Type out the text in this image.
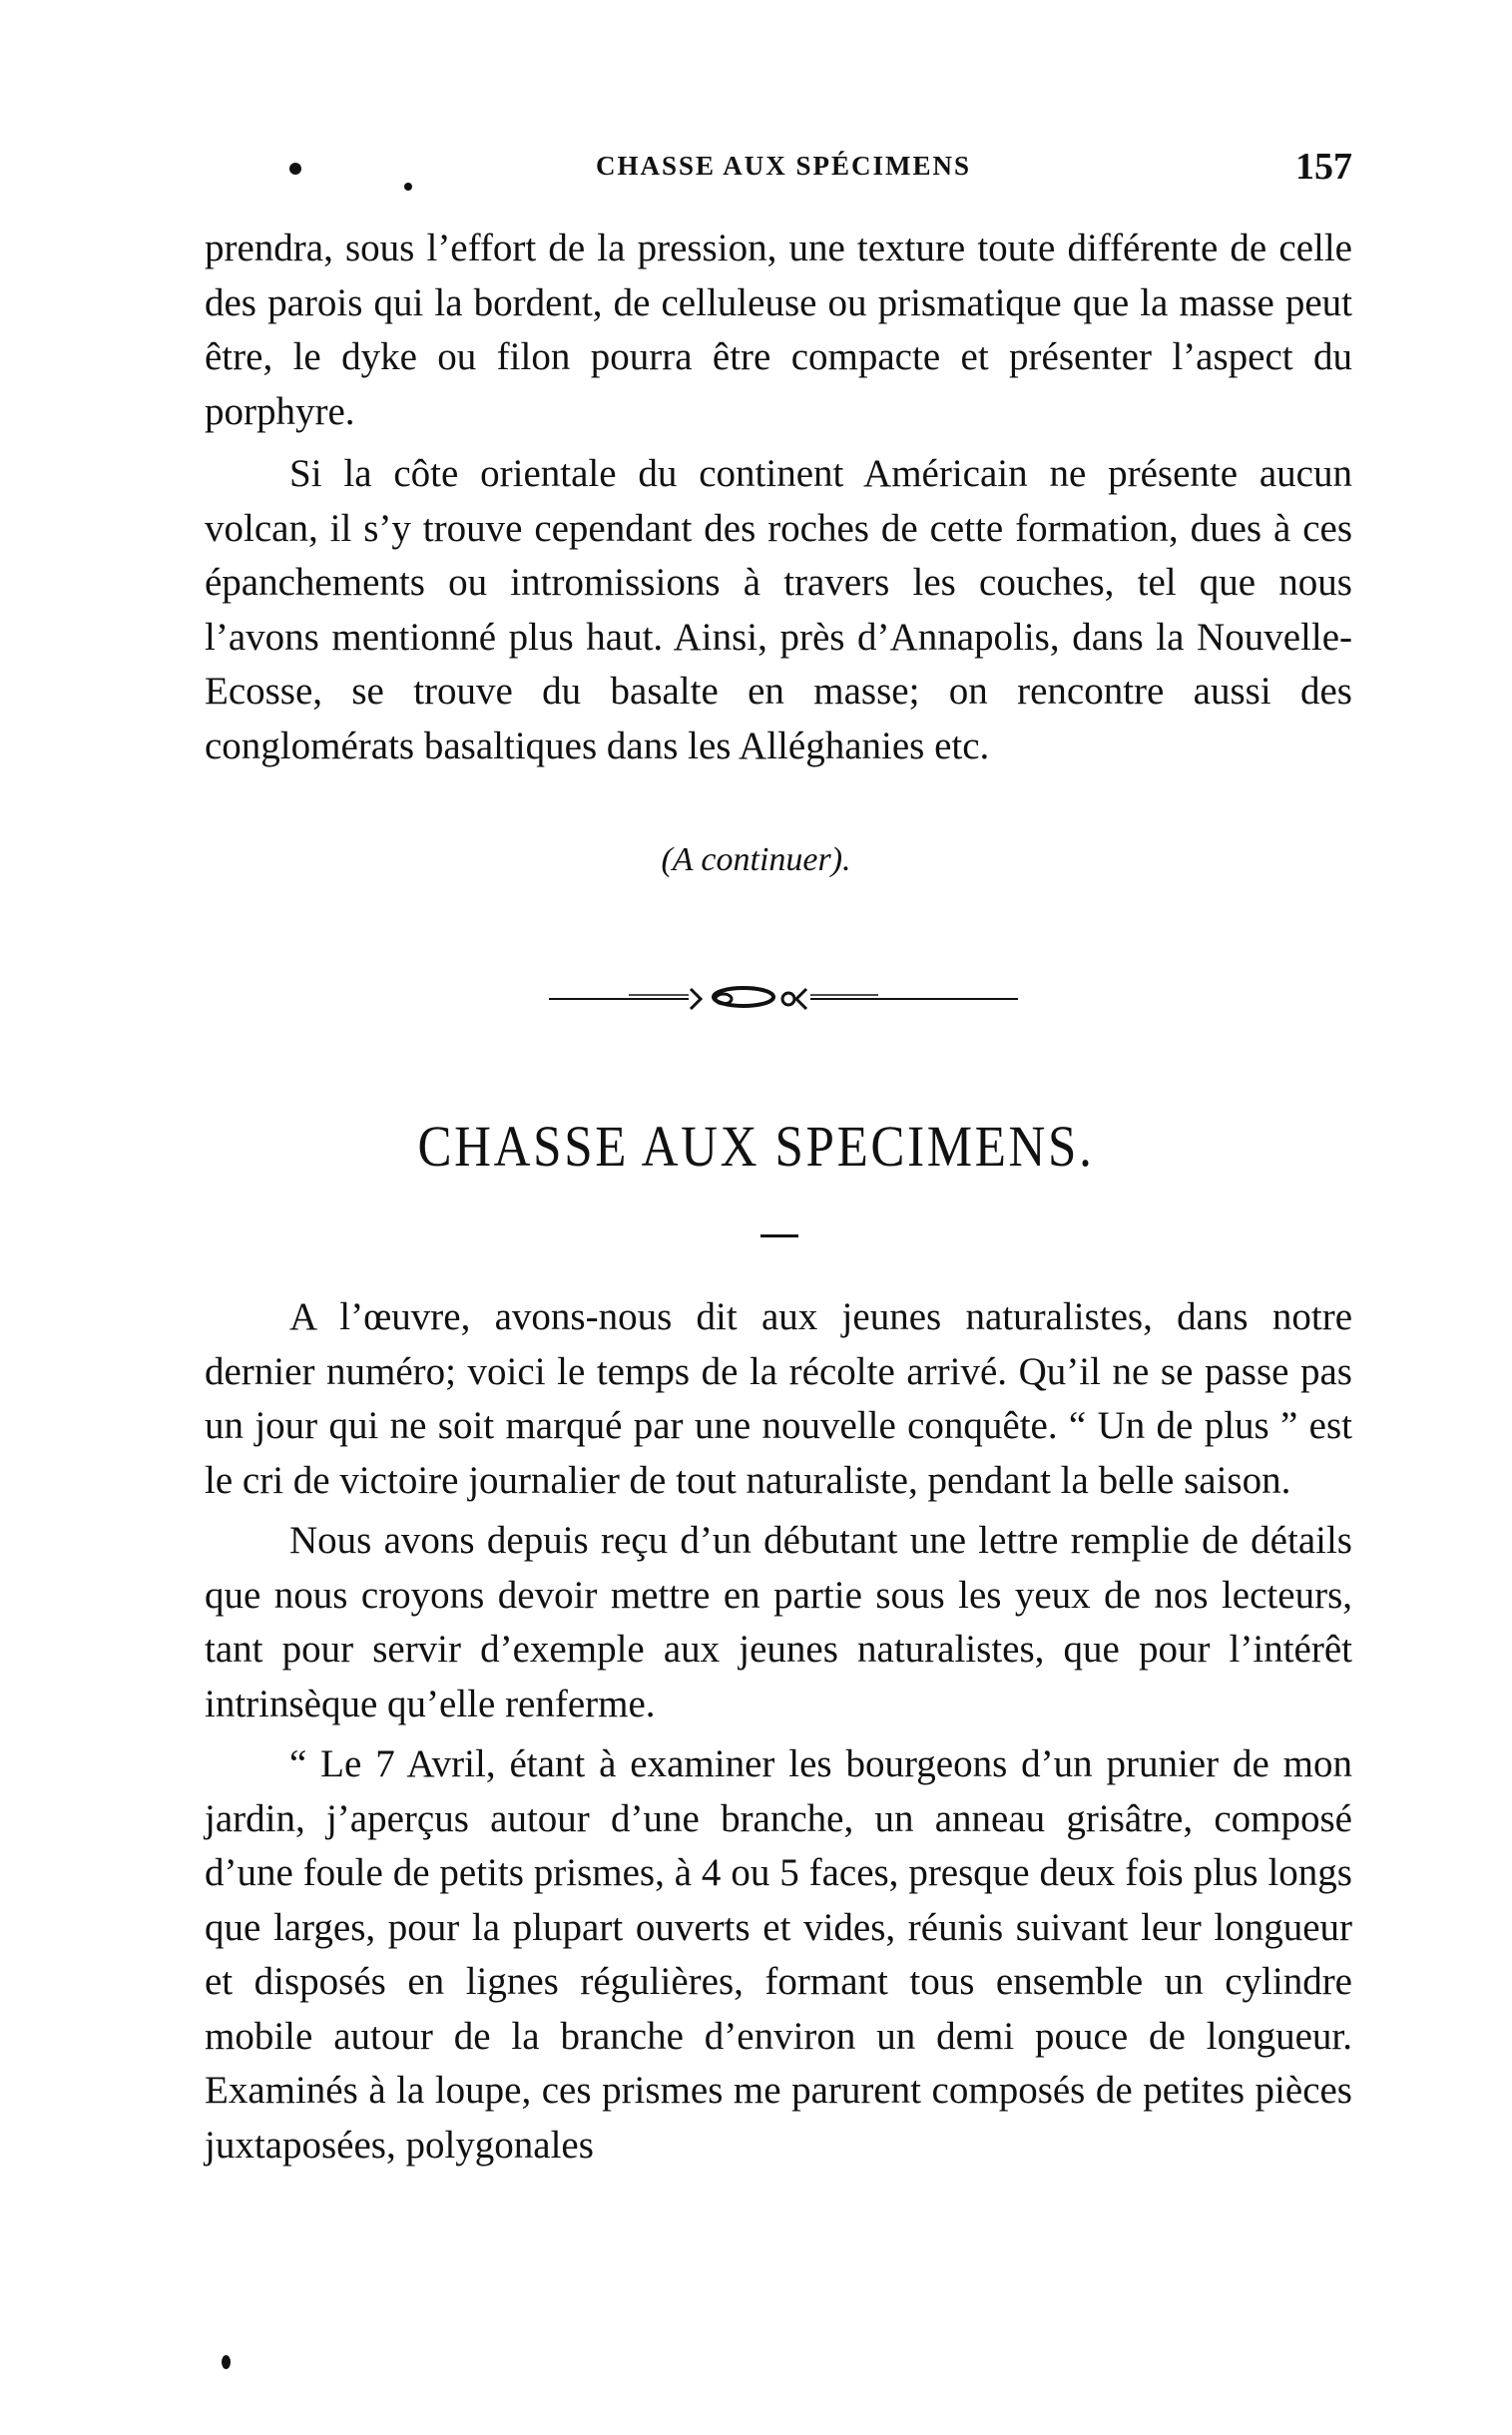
CHASSE AUX SPÉCIMENS	157

prendra, sous l’effort de la pression, une texture toute différente de celle des parois qui la bordent, de celluleuse ou prismatique que la masse peut être, le dyke ou filon pourra être compacte et présenter l’aspect du porphyre.

Si la côte orientale du continent Américain ne présente aucun volcan, il s’y trouve cependant des roches de cette formation, dues à ces épanchements ou intromissions à travers les couches, tel que nous l’avons mentionné plus haut. Ainsi, près d’Annapolis, dans la Nouvelle-Ecosse, se trouve du basalte en masse; on rencontre aussi des conglomérats basaltiques dans les Alléghanies etc.

(A continuer).
CHASSE AUX SPECIMENS.

A l’œuvre, avons-nous dit aux jeunes naturalistes, dans notre dernier numéro; voici le temps de la récolte arrivé. Qu’il ne se passe pas un jour qui ne soit marqué par une nouvelle conquête. “ Un de plus ” est le cri de victoire journalier de tout naturaliste, pendant la belle saison.

Nous avons depuis reçu d’un débutant une lettre remplie de détails que nous croyons devoir mettre en partie sous les yeux de nos lecteurs, tant pour servir d’exemple aux jeunes naturalistes, que pour l’intérêt intrinsèque qu’elle renferme.

“ Le 7 Avril, étant à examiner les bourgeons d’un prunier de mon jardin, j’aperçus autour d’une branche, un anneau grisâtre, composé d’une foule de petits prismes, à 4 ou 5 faces, presque deux fois plus longs que larges, pour la plupart ouverts et vides, réunis suivant leur longueur et disposés en lignes régulières, formant tous ensemble un cylindre mobile autour de la branche d’environ un demi pouce de longueur. Examinés à la loupe, ces prismes me parurent composés de petites pièces juxtaposées, polygonales
